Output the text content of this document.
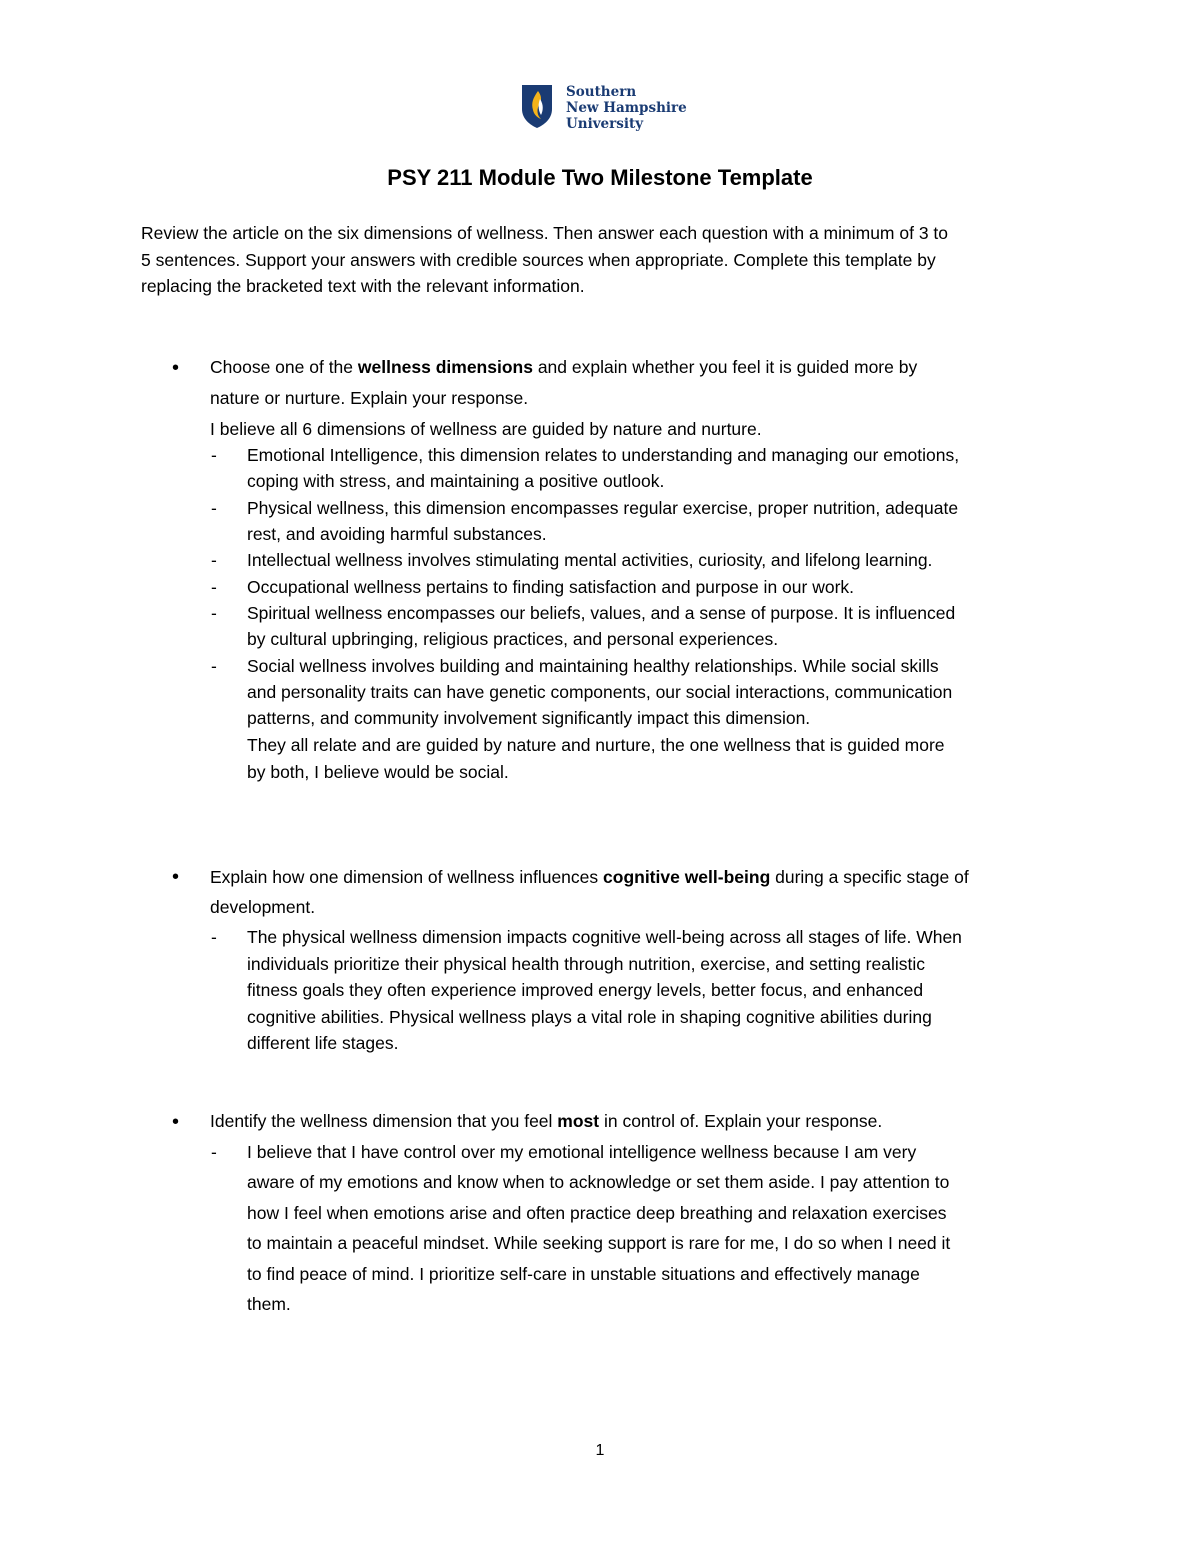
Southern
New Hampshire
University
PSY 211 Module Two Milestone Template
Review the article on the six dimensions of wellness. Then answer each question with a minimum of 3 to
5 sentences. Support your answers with credible sources when appropriate. Complete this template by
replacing the bracketed text with the relevant information.
• Choose one of the wellness dimensions and explain whether you feel it is guided more by
nature or nurture. Explain your response.
I believe all 6 dimensions of wellness are guided by nature and nurture.
- Emotional Intelligence, this dimension relates to understanding and managing our emotions,
coping with stress, and maintaining a positive outlook.
- Physical wellness, this dimension encompasses regular exercise, proper nutrition, adequate
rest, and avoiding harmful substances.
- Intellectual wellness involves stimulating mental activities, curiosity, and lifelong learning.
- Occupational wellness pertains to finding satisfaction and purpose in our work.
- Spiritual wellness encompasses our beliefs, values, and a sense of purpose. It is influenced
by cultural upbringing, religious practices, and personal experiences.
- Social wellness involves building and maintaining healthy relationships. While social skills
and personality traits can have genetic components, our social interactions, communication
patterns, and community involvement significantly impact this dimension.
They all relate and are guided by nature and nurture, the one wellness that is guided more
by both, I believe would be social.
• Explain how one dimension of wellness influences cognitive well-being during a specific stage of
development.
- The physical wellness dimension impacts cognitive well-being across all stages of life. When
individuals prioritize their physical health through nutrition, exercise, and setting realistic
fitness goals they often experience improved energy levels, better focus, and enhanced
cognitive abilities. Physical wellness plays a vital role in shaping cognitive abilities during
different life stages.
• Identify the wellness dimension that you feel most in control of. Explain your response.
- I believe that I have control over my emotional intelligence wellness because I am very
aware of my emotions and know when to acknowledge or set them aside. I pay attention to
how I feel when emotions arise and often practice deep breathing and relaxation exercises
to maintain a peaceful mindset. While seeking support is rare for me, I do so when I need it
to find peace of mind. I prioritize self-care in unstable situations and effectively manage
them.
1
